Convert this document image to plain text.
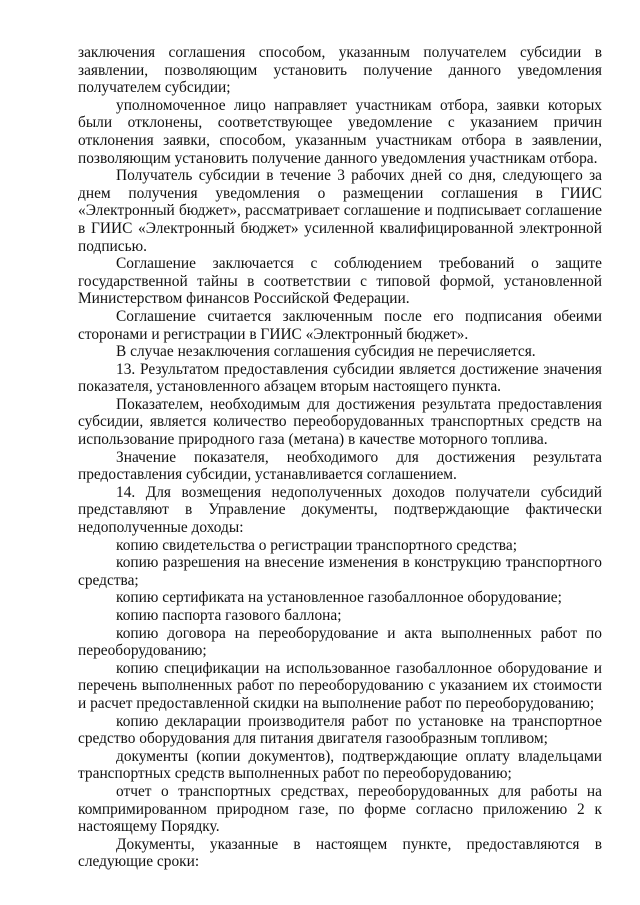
заключения соглашения способом, указанным получателем субсидии в заявлении, позволяющим установить получение данного уведомления получателем субсидии;

уполномоченное лицо направляет участникам отбора, заявки которых были отклонены, соответствующее уведомление с указанием причин отклонения заявки, способом, указанным участникам отбора в заявлении, позволяющим установить получение данного уведомления участникам отбора.

Получатель субсидии в течение 3 рабочих дней со дня, следующего за днем получения уведомления о размещении соглашения в ГИИС «Электронный бюджет», рассматривает соглашение и подписывает соглашение в ГИИС «Электронный бюджет» усиленной квалифицированной электронной подписью.

Соглашение заключается с соблюдением требований о защите государственной тайны в соответствии с типовой формой, установленной Министерством финансов Российской Федерации.

Соглашение считается заключенным после его подписания обеими сторонами и регистрации в ГИИС «Электронный бюджет».

В случае незаключения соглашения субсидия не перечисляется.

13. Результатом предоставления субсидии является достижение значения показателя, установленного абзацем вторым настоящего пункта.

Показателем, необходимым для достижения результата предоставления субсидии, является количество переоборудованных транспортных средств на использование природного газа (метана) в качестве моторного топлива.

Значение показателя, необходимого для достижения результата предоставления субсидии, устанавливается соглашением.

14. Для возмещения недополученных доходов получатели субсидий представляют в Управление документы, подтверждающие фактически недополученные доходы:

копию свидетельства о регистрации транспортного средства;

копию разрешения на внесение изменения в конструкцию транспортного средства;

копию сертификата на установленное газобаллонное оборудование;

копию паспорта газового баллона;

копию договора на переоборудование и акта выполненных работ по переоборудованию;

копию спецификации на использованное газобаллонное оборудование и перечень выполненных работ по переоборудованию с указанием их стоимости и расчет предоставленной скидки на выполнение работ по переоборудованию;

копию декларации производителя работ по установке на транспортное средство оборудования для питания двигателя газообразным топливом;

документы (копии документов), подтверждающие оплату владельцами транспортных средств выполненных работ по переоборудованию;

отчет о транспортных средствах, переоборудованных для работы на компримированном природном газе, по форме согласно приложению 2 к настоящему Порядку.

Документы, указанные в настоящем пункте, предоставляются в следующие сроки:
